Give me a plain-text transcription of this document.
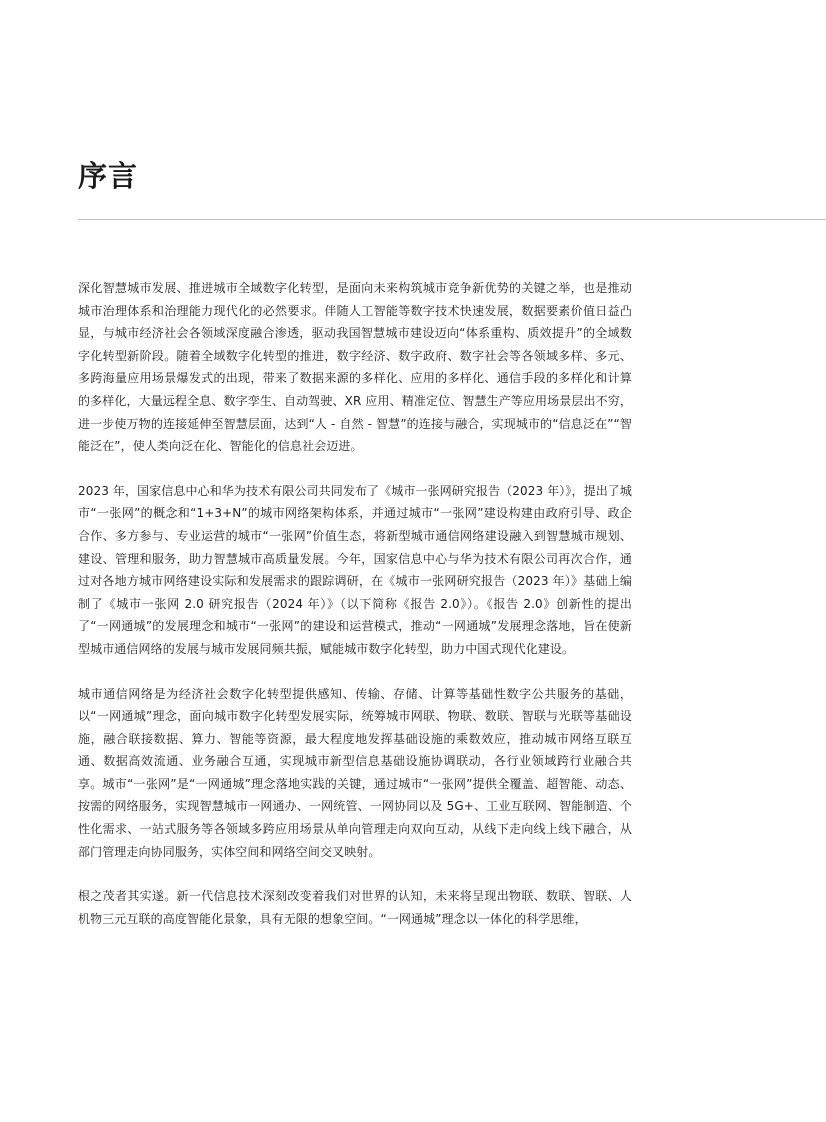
序言

深化智慧城市发展、推进城市全域数字化转型，是面向未来构筑城市竞争新优势的关键之举，也是推动城市治理体系和治理能力现代化的必然要求。伴随人工智能等数字技术快速发展，数据要素价值日益凸显，与城市经济社会各领域深度融合渗透，驱动我国智慧城市建设迈向“体系重构、质效提升”的全域数字化转型新阶段。随着全域数字化转型的推进，数字经济、数字政府、数字社会等各领域多样、多元、多跨海量应用场景爆发式的出现，带来了数据来源的多样化、应用的多样化、通信手段的多样化和计算的多样化，大量远程全息、数字孪生、自动驾驶、XR 应用、精准定位、智慧生产等应用场景层出不穷，进一步使万物的连接延伸至智慧层面，达到“人 - 自然 - 智慧”的连接与融合，实现城市的“信息泛在”“智能泛在”，使人类向泛在化、智能化的信息社会迈进。

2023 年，国家信息中心和华为技术有限公司共同发布了《城市一张网研究报告（2023 年）》，提出了城市“一张网”的概念和“1+3+N”的城市网络架构体系，并通过城市“一张网”建设构建由政府引导、政企合作、多方参与、专业运营的城市“一张网”价值生态，将新型城市通信网络建设融入到智慧城市规划、建设、管理和服务，助力智慧城市高质量发展。今年，国家信息中心与华为技术有限公司再次合作，通过对各地方城市网络建设实际和发展需求的跟踪调研，在《城市一张网研究报告（2023 年）》基础上编制了《城市一张网 2.0 研究报告（2024 年）》（以下简称《报告 2.0》）。《报告 2.0》创新性的提出了“一网通城”的发展理念和城市“一张网”的建设和运营模式，推动“一网通城”发展理念落地，旨在使新型城市通信网络的发展与城市发展同频共振，赋能城市数字化转型，助力中国式现代化建设。

城市通信网络是为经济社会数字化转型提供感知、传输、存储、计算等基础性数字公共服务的基础，以“一网通城”理念，面向城市数字化转型发展实际，统筹城市网联、物联、数联、智联与光联等基础设施，融合联接数据、算力、智能等资源，最大程度地发挥基础设施的乘数效应，推动城市网络互联互通、数据高效流通、业务融合互通，实现城市新型信息基础设施协调联动，各行业领域跨行业融合共享。城市“一张网”是“一网通城”理念落地实践的关键，通过城市“一张网”提供全覆盖、超智能、动态、按需的网络服务，实现智慧城市一网通办、一网统管、一网协同以及 5G+、工业互联网、智能制造、个性化需求、一站式服务等各领域多跨应用场景从单向管理走向双向互动，从线下走向线上线下融合，从部门管理走向协同服务，实体空间和网络空间交叉映射。

根之茂者其实遂。新一代信息技术深刻改变着我们对世界的认知，未来将呈现出物联、数联、智联、人机物三元互联的高度智能化景象，具有无限的想象空间。“一网通城”理念以一体化的科学思维，
